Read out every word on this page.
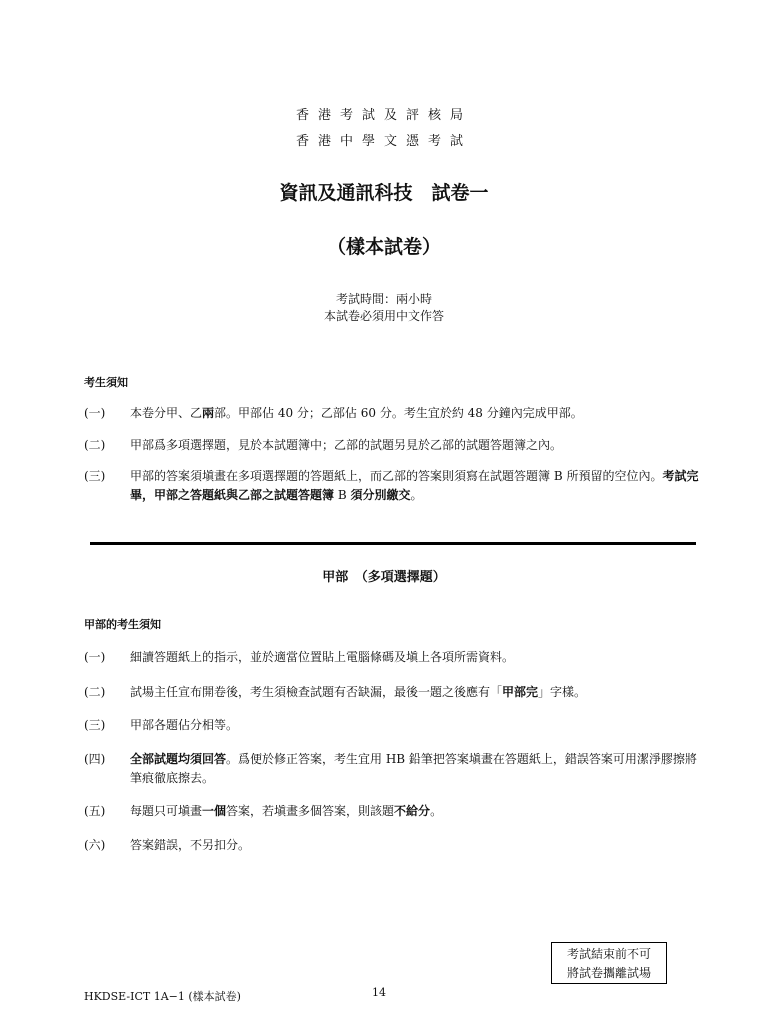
香港考試及評核局
香港中學文憑考試
資訊及通訊科技　試卷一
（樣本試卷）
考試時間：兩小時
本試卷必須用中文作答
考生須知
(一)	本卷分甲、乙兩部。甲部佔 40 分；乙部佔 60 分。考生宜於約 48 分鐘內完成甲部。
(二)	甲部爲多項選擇題，見於本試題簿中；乙部的試題另見於乙部的試題答題簿之內。
(三)	甲部的答案須塡畫在多項選擇題的答題紙上，而乙部的答案則須寫在試題答題簿 B 所預留的空位內。考試完畢，甲部之答題紙與乙部之試題答題簿 B 須分別繳交。
甲部　（多項選擇題）
甲部的考生須知
(一)	細讀答題紙上的指示，並於適當位置貼上電腦條碼及塡上各項所需資料。
(二)	試場主任宣布開卷後，考生須檢查試題有否缺漏，最後一題之後應有「甲部完」字樣。
(三)	甲部各題佔分相等。
(四)	全部試題均須回答。爲便於修正答案，考生宜用 HB 鉛筆把答案塡畫在答題紙上，錯誤答案可用潔淨膠擦將筆痕徹底擦去。
(五)	每題只可塡畫一個答案，若塡畫多個答案，則該題不給分。
(六)	答案錯誤，不另扣分。
考試結束前不可
將試卷攜離試場
HKDSE-ICT 1A−1 (樣本試卷)	14
